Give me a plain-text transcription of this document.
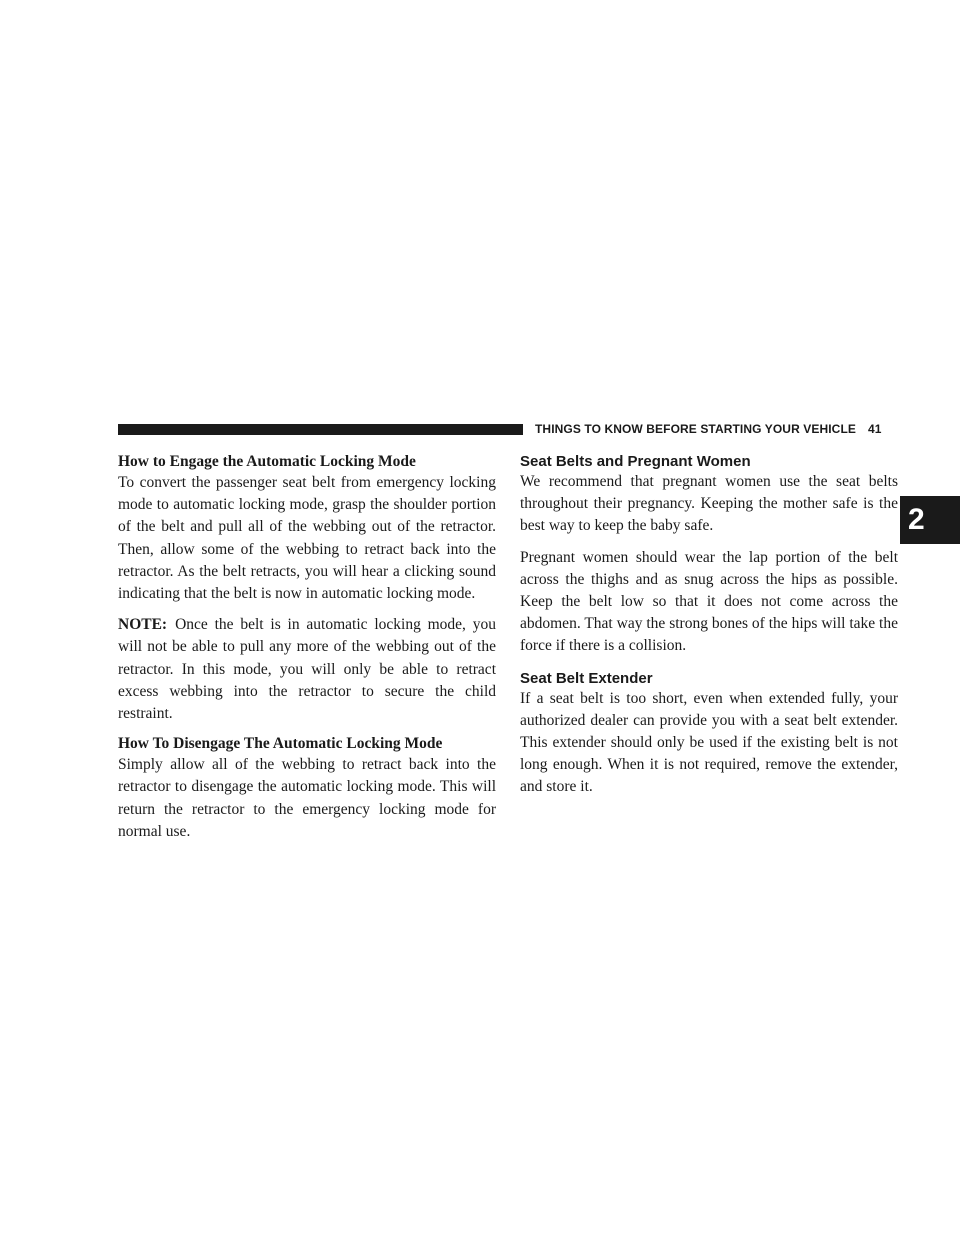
THINGS TO KNOW BEFORE STARTING YOUR VEHICLE 41
2
How to Engage the Automatic Locking Mode

To convert the passenger seat belt from emergency locking mode to automatic locking mode, grasp the shoulder portion of the belt and pull all of the webbing out of the retractor. Then, allow some of the webbing to retract back into the retractor. As the belt retracts, you will hear a clicking sound indicating that the belt is now in automatic locking mode.

NOTE: Once the belt is in automatic locking mode, you will not be able to pull any more of the webbing out of the retractor. In this mode, you will only be able to retract excess webbing into the retractor to secure the child restraint.

How To Disengage The Automatic Locking Mode

Simply allow all of the webbing to retract back into the retractor to disengage the automatic locking mode. This will return the retractor to the emergency locking mode for normal use.

Seat Belts and Pregnant Women

We recommend that pregnant women use the seat belts throughout their pregnancy. Keeping the mother safe is the best way to keep the baby safe.

Pregnant women should wear the lap portion of the belt across the thighs and as snug across the hips as possible. Keep the belt low so that it does not come across the abdomen. That way the strong bones of the hips will take the force if there is a collision.

Seat Belt Extender

If a seat belt is too short, even when extended fully, your authorized dealer can provide you with a seat belt extender. This extender should only be used if the existing belt is not long enough. When it is not required, remove the extender, and store it.
